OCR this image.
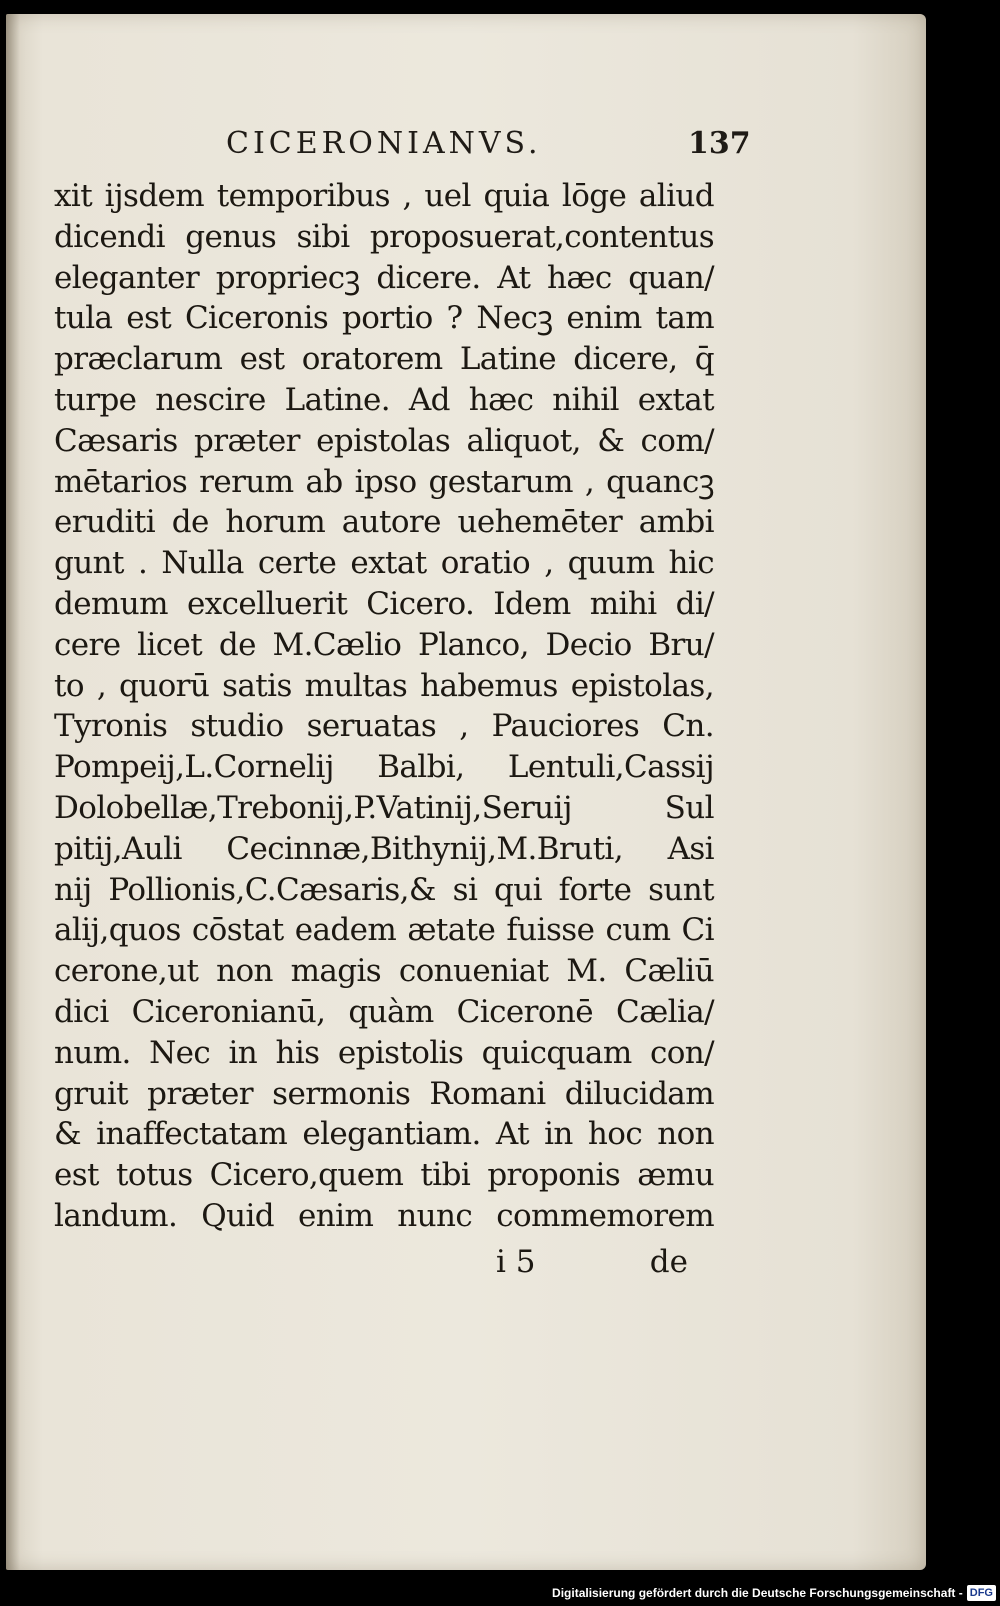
CICERONIANVS.	137
xit ijsdem temporibus , uel quia lōge aliud
dicendi genus sibi proposuerat,contentus
eleganter propriecꝫ dicere. At hæc quan/
tula est Ciceronis portio ? Necꝫ enim tam
præclarum est oratorem Latine dicere, q̄
turpe nescire Latine. Ad hæc nihil extat
Cæsaris præter epistolas aliquot, & com/
mētarios rerum ab ipso gestarum , quancꝫ
eruditi de horum autore uehemēter ambi
gunt . Nulla certe extat oratio , quum hic
demum excelluerit Cicero. Idem mihi di/
cere licet de M.Cælio Planco, Decio Bru/
to , quorū satis multas habemus epistolas,
Tyronis studio seruatas , Pauciores Cn.
Pompeij,L.Cornelij Balbi, Lentuli,Cassij
Dolobellæ,Trebonij,P.Vatinij,Seruij Sul
pitij,Auli Cecinnæ,Bithynij,M.Bruti, Asi
nij Pollionis,C.Cæsaris,& si qui forte sunt
alij,quos cōstat eadem ætate fuisse cum Ci
cerone,ut non magis conueniat M. Cæliū
dici Ciceronianū, quàm Ciceronē Cælia/
num. Nec in his epistolis quicquam con/
gruit præter sermonis Romani dilucidam
& inaffectatam elegantiam. At in hoc non
est totus Cicero,quem tibi proponis æmu
landum. Quid enim nunc commemorem
i 5	de
Digitalisierung gefördert durch die Deutsche Forschungsgemeinschaft - DFG
